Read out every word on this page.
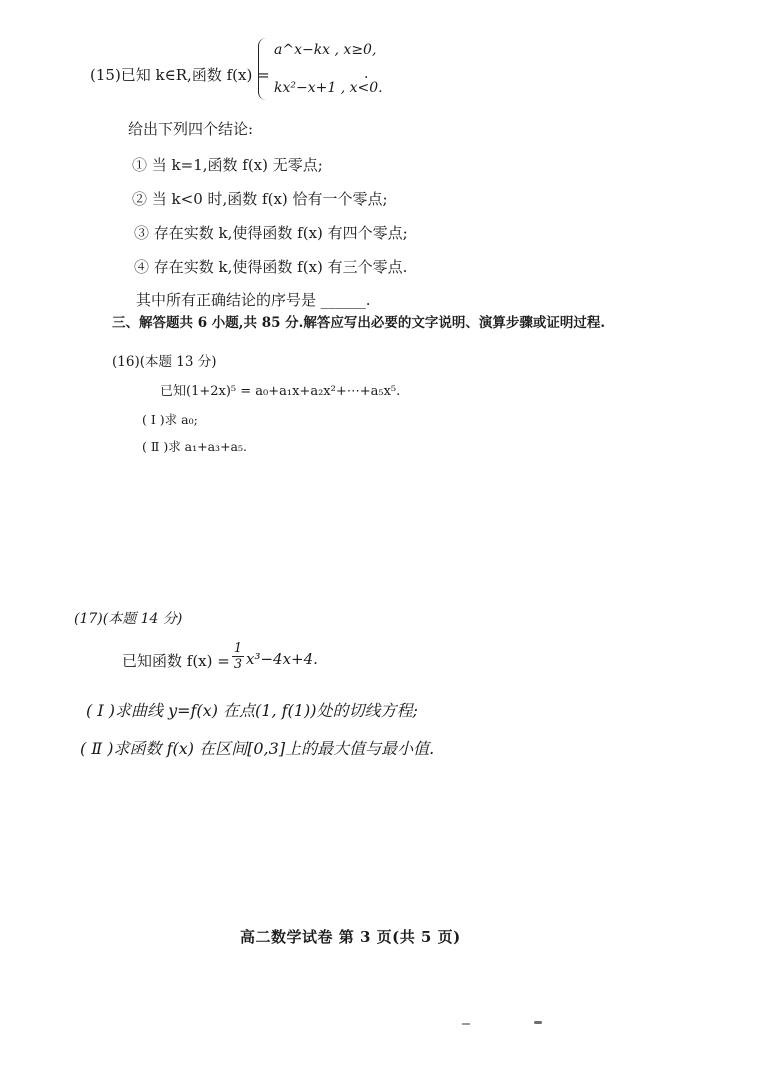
(15)已知 k∈R,函数 f(x) =
a^x−kx , x≥0,
kx²−x+1 , x<0.
.
给出下列四个结论:
① 当 k=1,函数 f(x) 无零点;
② 当 k<0 时,函数 f(x) 恰有一个零点;
③ 存在实数 k,使得函数 f(x) 有四个零点;
④ 存在实数 k,使得函数 f(x) 有三个零点.
其中所有正确结论的序号是 ______.
三、解答题共 6 小题,共 85 分.解答应写出必要的文字说明、演算步骤或证明过程.
(16)(本题 13 分)
已知(1+2x)⁵ = a₀+a₁x+a₂x²+⋯+a₅x⁵.
( Ⅰ )求 a₀;
( Ⅱ )求 a₁+a₃+a₅.
(17)(本题 14 分)
已知函数 $f(x) = \frac{1}{3} x^3-4x+4$.
( Ⅰ )求曲线 y=f(x) 在点(1, f(1))处的切线方程;
( Ⅱ )求函数 f(x) 在区间[0,3]上的最大值与最小值.
高二数学试卷 第 3 页(共 5 页)
